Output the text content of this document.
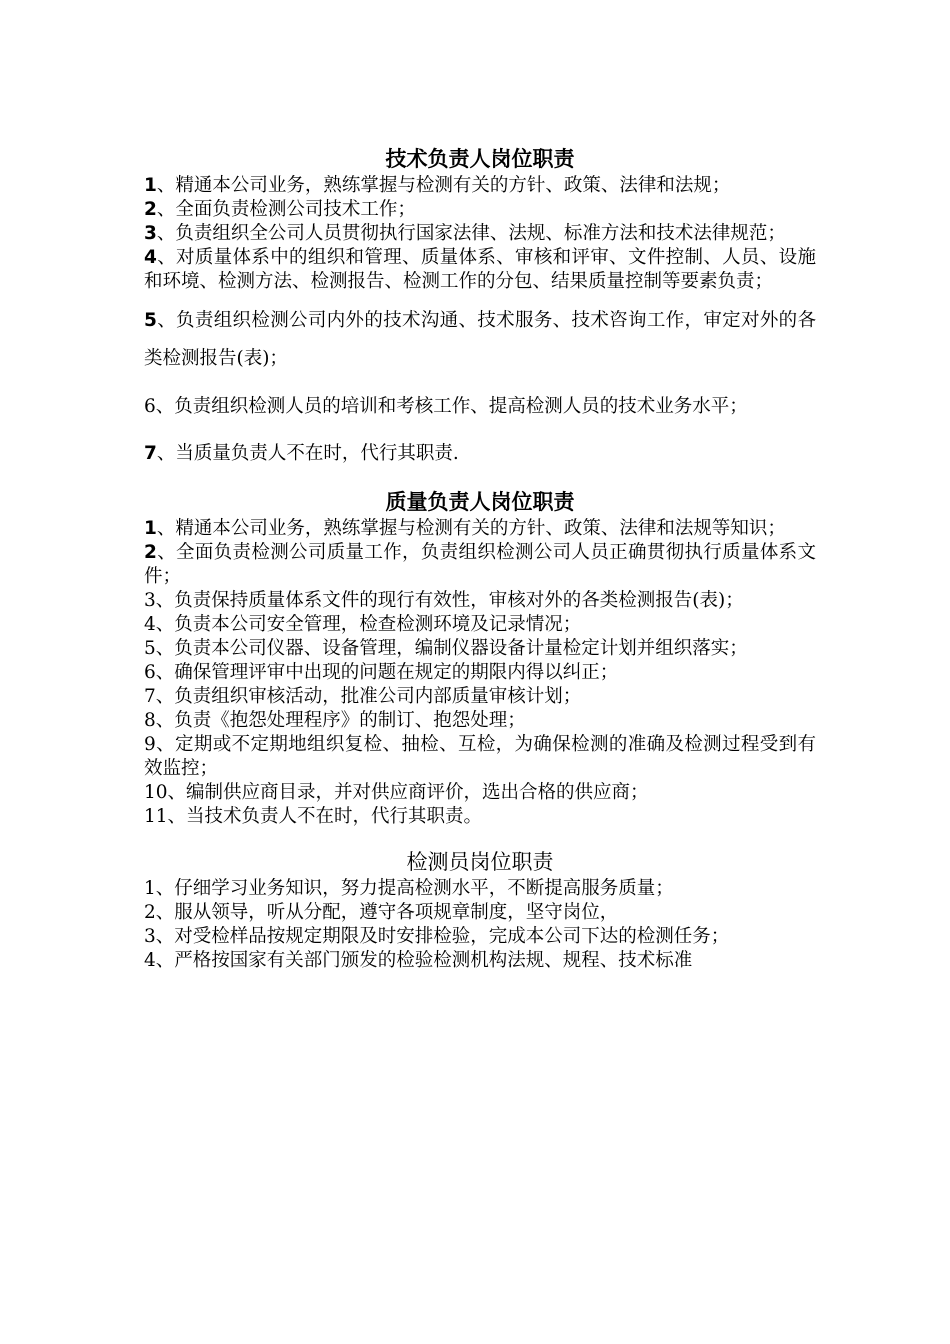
技术负责人岗位职责

1、精通本公司业务，熟练掌握与检测有关的方针、政策、法律和法规；

2、全面负责检测公司技术工作；

3、负责组织全公司人员贯彻执行国家法律、法规、标准方法和技术法律规范；

4、对质量体系中的组织和管理、质量体系、审核和评审、文件控制、人员、设施和环境、检测方法、检测报告、检测工作的分包、结果质量控制等要素负责；

5、负责组织检测公司内外的技术沟通、技术服务、技术咨询工作，审定对外的各类检测报告(表)；

6、负责组织检测人员的培训和考核工作、提高检测人员的技术业务水平；

7、当质量负责人不在时，代行其职责.

质量负责人岗位职责

1、精通本公司业务，熟练掌握与检测有关的方针、政策、法律和法规等知识；

2、全面负责检测公司质量工作，负责组织检测公司人员正确贯彻执行质量体系文件；

3、负责保持质量体系文件的现行有效性，审核对外的各类检测报告(表)；

4、负责本公司安全管理，检查检测环境及记录情况；

5、负责本公司仪器、设备管理，编制仪器设备计量检定计划并组织落实；

6、确保管理评审中出现的问题在规定的期限内得以纠正；

7、负责组织审核活动，批准公司内部质量审核计划；

8、负责《抱怨处理程序》的制订、抱怨处理；

9、定期或不定期地组织复检、抽检、互检，为确保检测的准确及检测过程受到有效监控；

10、编制供应商目录，并对供应商评价，选出合格的供应商；

11、当技术负责人不在时，代行其职责。

检测员岗位职责

1、仔细学习业务知识，努力提高检测水平，不断提高服务质量；

2、服从领导，听从分配，遵守各项规章制度，坚守岗位，

3、对受检样品按规定期限及时安排检验，完成本公司下达的检测任务；

4、严格按国家有关部门颁发的检验检测机构法规、规程、技术标准
